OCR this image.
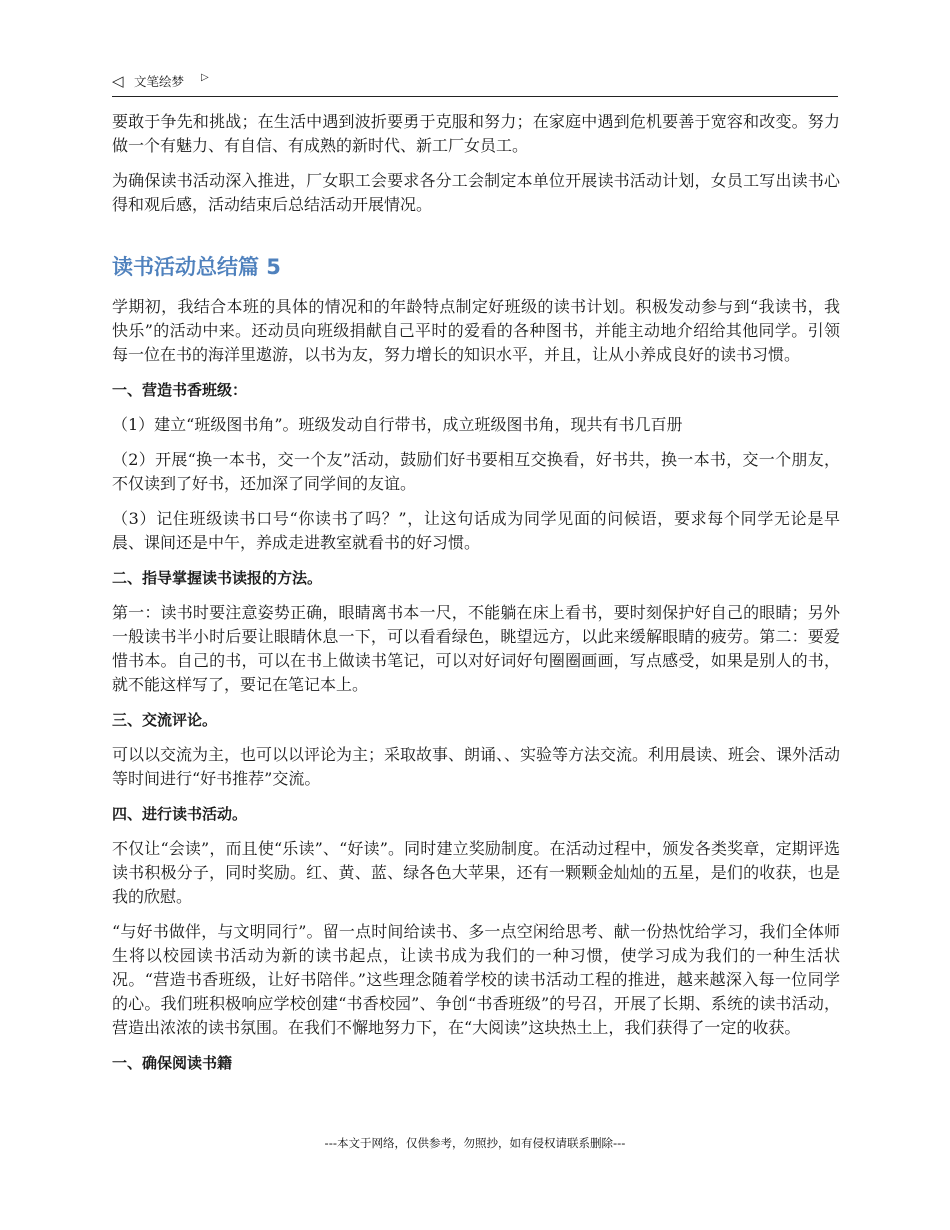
◁ 文笔绘梦 ▷

要敢于争先和挑战；在生活中遇到波折要勇于克服和努力；在家庭中遇到危机要善于宽容和改变。努力做一个有魅力、有自信、有成熟的新时代、新工厂女员工。

为确保读书活动深入推进，厂女职工会要求各分工会制定本单位开展读书活动计划，女员工写出读书心得和观后感，活动结束后总结活动开展情况。

读书活动总结篇 5

学期初，我结合本班的具体的情况和的年龄特点制定好班级的读书计划。积极发动参与到“我读书，我快乐”的活动中来。还动员向班级捐献自己平时的爱看的各种图书，并能主动地介绍给其他同学。引领每一位在书的海洋里遨游，以书为友，努力增长的知识水平，并且，让从小养成良好的读书习惯。

一、营造书香班级：

（1）建立“班级图书角”。班级发动自行带书，成立班级图书角，现共有书几百册

（2）开展“换一本书，交一个友”活动，鼓励们好书要相互交换看，好书共，换一本书，交一个朋友，不仅读到了好书，还加深了同学间的友谊。

（3）记住班级读书口号“你读书了吗？”，让这句话成为同学见面的问候语，要求每个同学无论是早晨、课间还是中午，养成走进教室就看书的好习惯。

二、指导掌握读书读报的方法。

第一：读书时要注意姿势正确，眼睛离书本一尺，不能躺在床上看书，要时刻保护好自己的眼睛；另外一般读书半小时后要让眼睛休息一下，可以看看绿色，眺望远方，以此来缓解眼睛的疲劳。第二：要爱惜书本。自己的书，可以在书上做读书笔记，可以对好词好句圈圈画画，写点感受，如果是别人的书，就不能这样写了，要记在笔记本上。

三、交流评论。

可以以交流为主，也可以以评论为主；采取故事、朗诵、、实验等方法交流。利用晨读、班会、课外活动等时间进行“好书推荐”交流。

四、进行读书活动。

不仅让“会读”，而且使“乐读”、“好读”。同时建立奖励制度。在活动过程中，颁发各类奖章，定期评选读书积极分子，同时奖励。红、黄、蓝、绿各色大苹果，还有一颗颗金灿灿的五星，是们的收获，也是我的欣慰。

“与好书做伴，与文明同行”。留一点时间给读书、多一点空闲给思考、献一份热忱给学习，我们全体师生将以校园读书活动为新的读书起点，让读书成为我们的一种习惯，使学习成为我们的一种生活状况。“营造书香班级，让好书陪伴。”这些理念随着学校的读书活动工程的推进，越来越深入每一位同学的心。我们班积极响应学校创建“书香校园”、争创“书香班级”的号召，开展了长期、系统的读书活动，营造出浓浓的读书氛围。在我们不懈地努力下，在“大阅读”这块热土上，我们获得了一定的收获。

一、确保阅读书籍
---本文于网络，仅供参考，勿照抄，如有侵权请联系删除---
